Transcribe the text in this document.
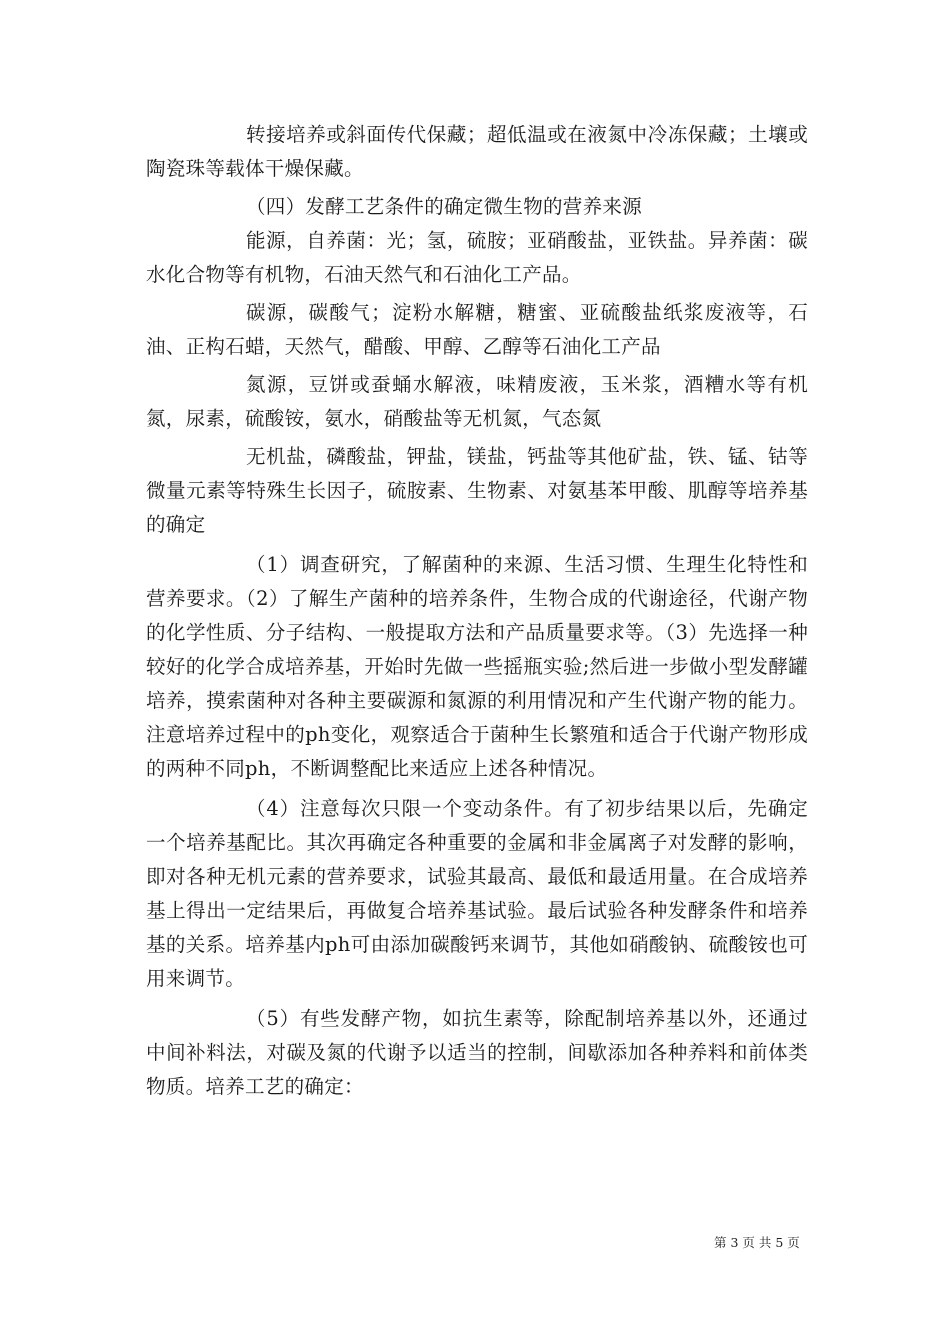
转接培养或斜面传代保藏；超低温或在液氮中冷冻保藏；土壤或陶瓷珠等载体干燥保藏。

（四）发酵工艺条件的确定微生物的营养来源

能源，自养菌：光；氢，硫胺；亚硝酸盐，亚铁盐。异养菌：碳水化合物等有机物，石油天然气和石油化工产品。

碳源，碳酸气；淀粉水解糖，糖蜜、亚硫酸盐纸浆废液等，石油、正构石蜡，天然气，醋酸、甲醇、乙醇等石油化工产品

氮源，豆饼或蚕蛹水解液，味精废液，玉米浆，酒糟水等有机氮，尿素，硫酸铵，氨水，硝酸盐等无机氮，气态氮

无机盐，磷酸盐，钾盐，镁盐，钙盐等其他矿盐，铁、锰、钴等微量元素等特殊生长因子，硫胺素、生物素、对氨基苯甲酸、肌醇等培养基的确定

（1）调查研究，了解菌种的来源、生活习惯、生理生化特性和营养要求。（2）了解生产菌种的培养条件，生物合成的代谢途径，代谢产物的化学性质、分子结构、一般提取方法和产品质量要求等。（3）先选择一种较好的化学合成培养基，开始时先做一些摇瓶实验;然后进一步做小型发酵罐培养，摸索菌种对各种主要碳源和氮源的利用情况和产生代谢产物的能力。注意培养过程中的ph变化，观察适合于菌种生长繁殖和适合于代谢产物形成的两种不同ph，不断调整配比来适应上述各种情况。

（4）注意每次只限一个变动条件。有了初步结果以后，先确定一个培养基配比。其次再确定各种重要的金属和非金属离子对发酵的影响，即对各种无机元素的营养要求，试验其最高、最低和最适用量。在合成培养基上得出一定结果后，再做复合培养基试验。最后试验各种发酵条件和培养基的关系。培养基内ph可由添加碳酸钙来调节，其他如硝酸钠、硫酸铵也可用来调节。

（5）有些发酵产物，如抗生素等，除配制培养基以外，还通过中间补料法，对碳及氮的代谢予以适当的控制，间歇添加各种养料和前体类物质。培养工艺的确定：

第 3 页 共 5 页
